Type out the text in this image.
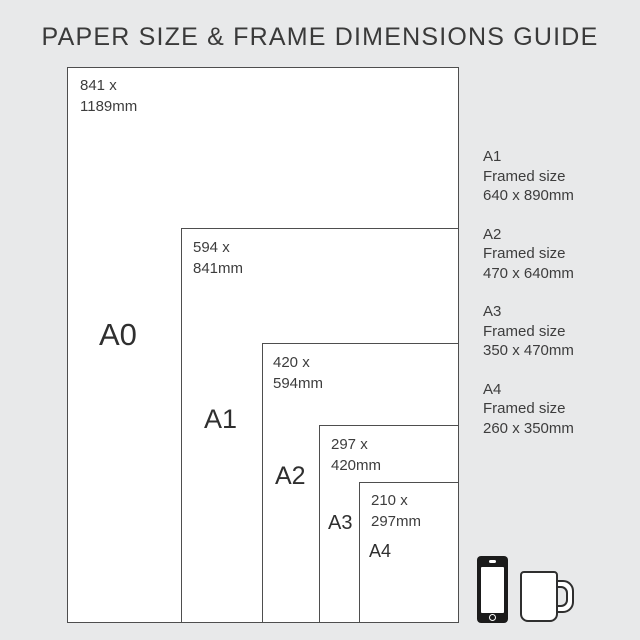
PAPER SIZE & FRAME DIMENSIONS GUIDE
841 x
1189mm
594 x
841mm
420 x
594mm
297 x
420mm
210 x
297mm
A0
A1
A2
A3
A4
A1
Framed size
640 x 890mm
A2
Framed size
470 x 640mm
A3
Framed size
350 x 470mm
A4
Framed size
260 x 350mm
